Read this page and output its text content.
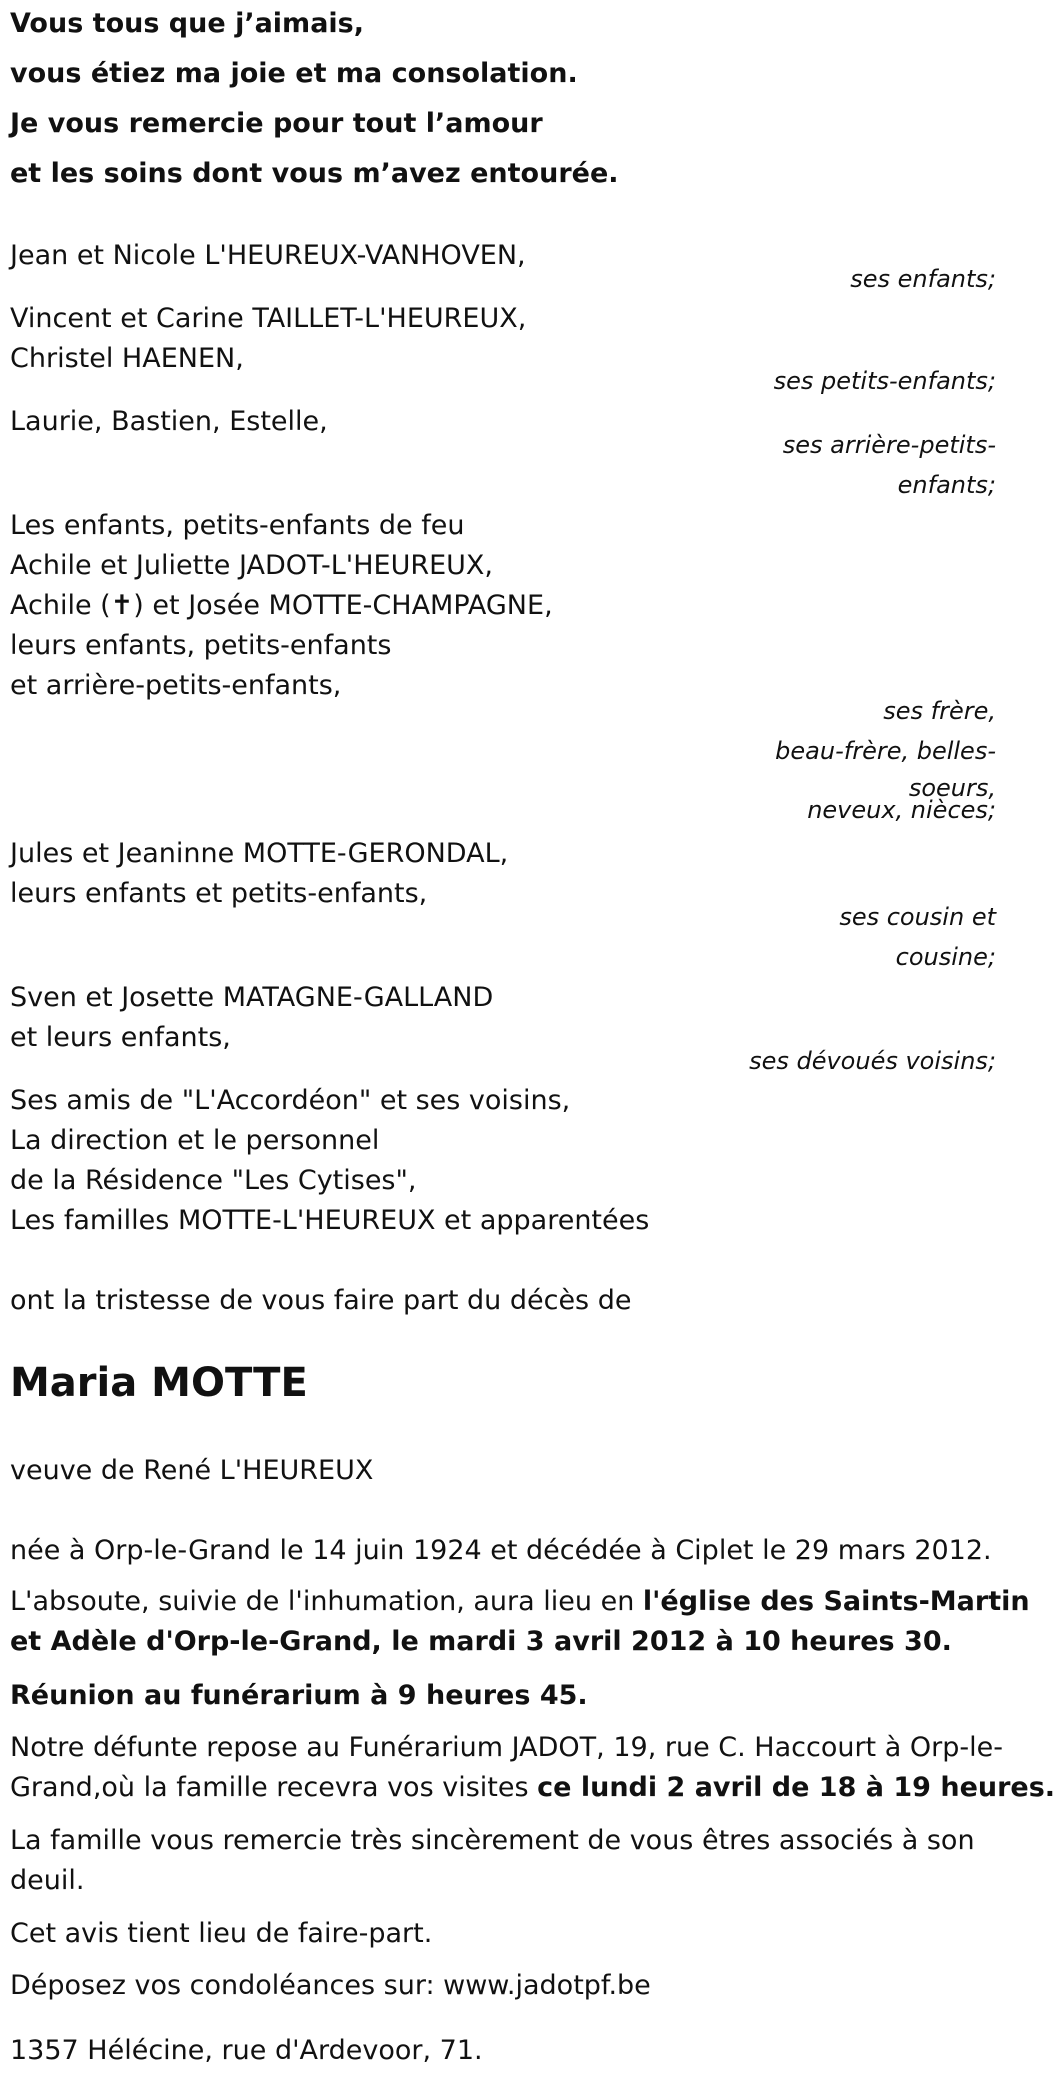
Vous tous que j’aimais,
vous étiez ma joie et ma consolation.
Je vous remercie pour tout l’amour
et les soins dont vous m’avez entourée.
Jean et Nicole L'HEUREUX-VANHOVEN,
ses enfants;
Vincent et Carine TAILLET-L'HEUREUX,
Christel HAENEN,
ses petits-enfants;
Laurie, Bastien, Estelle,
ses arrière-petits-
enfants;
Les enfants, petits-enfants de feu
Achile et Juliette JADOT-L'HEUREUX,
Achile (✝) et Josée MOTTE-CHAMPAGNE,
leurs enfants, petits-enfants
et arrière-petits-enfants,
ses frère,
beau-frère, belles-
soeurs,
neveux, nièces;
Jules et Jeaninne MOTTE-GERONDAL,
leurs enfants et petits-enfants,
ses cousin et
cousine;
Sven et Josette MATAGNE-GALLAND
et leurs enfants,
ses dévoués voisins;
Ses amis de "L'Accordéon" et ses voisins,
La direction et le personnel
de la Résidence "Les Cytises",
Les familles MOTTE-L'HEUREUX et apparentées
ont la tristesse de vous faire part du décès de
Maria MOTTE
veuve de René L'HEUREUX
née à Orp-le-Grand le 14 juin 1924 et décédée à Ciplet le 29 mars 2012.
L'absoute, suivie de l'inhumation, aura lieu en l'église des Saints-Martin
et Adèle d'Orp-le-Grand, le mardi 3 avril 2012 à 10 heures 30.
Réunion au funérarium à 9 heures 45.
Notre défunte repose au Funérarium JADOT, 19, rue C. Haccourt à Orp-le-
Grand,où la famille recevra vos visites ce lundi 2 avril de 18 à 19 heures.
La famille vous remercie très sincèrement de vous êtres associés à son
deuil.
Cet avis tient lieu de faire-part.
Déposez vos condoléances sur: www.jadotpf.be
1357 Hélécine, rue d'Ardevoor, 71.
